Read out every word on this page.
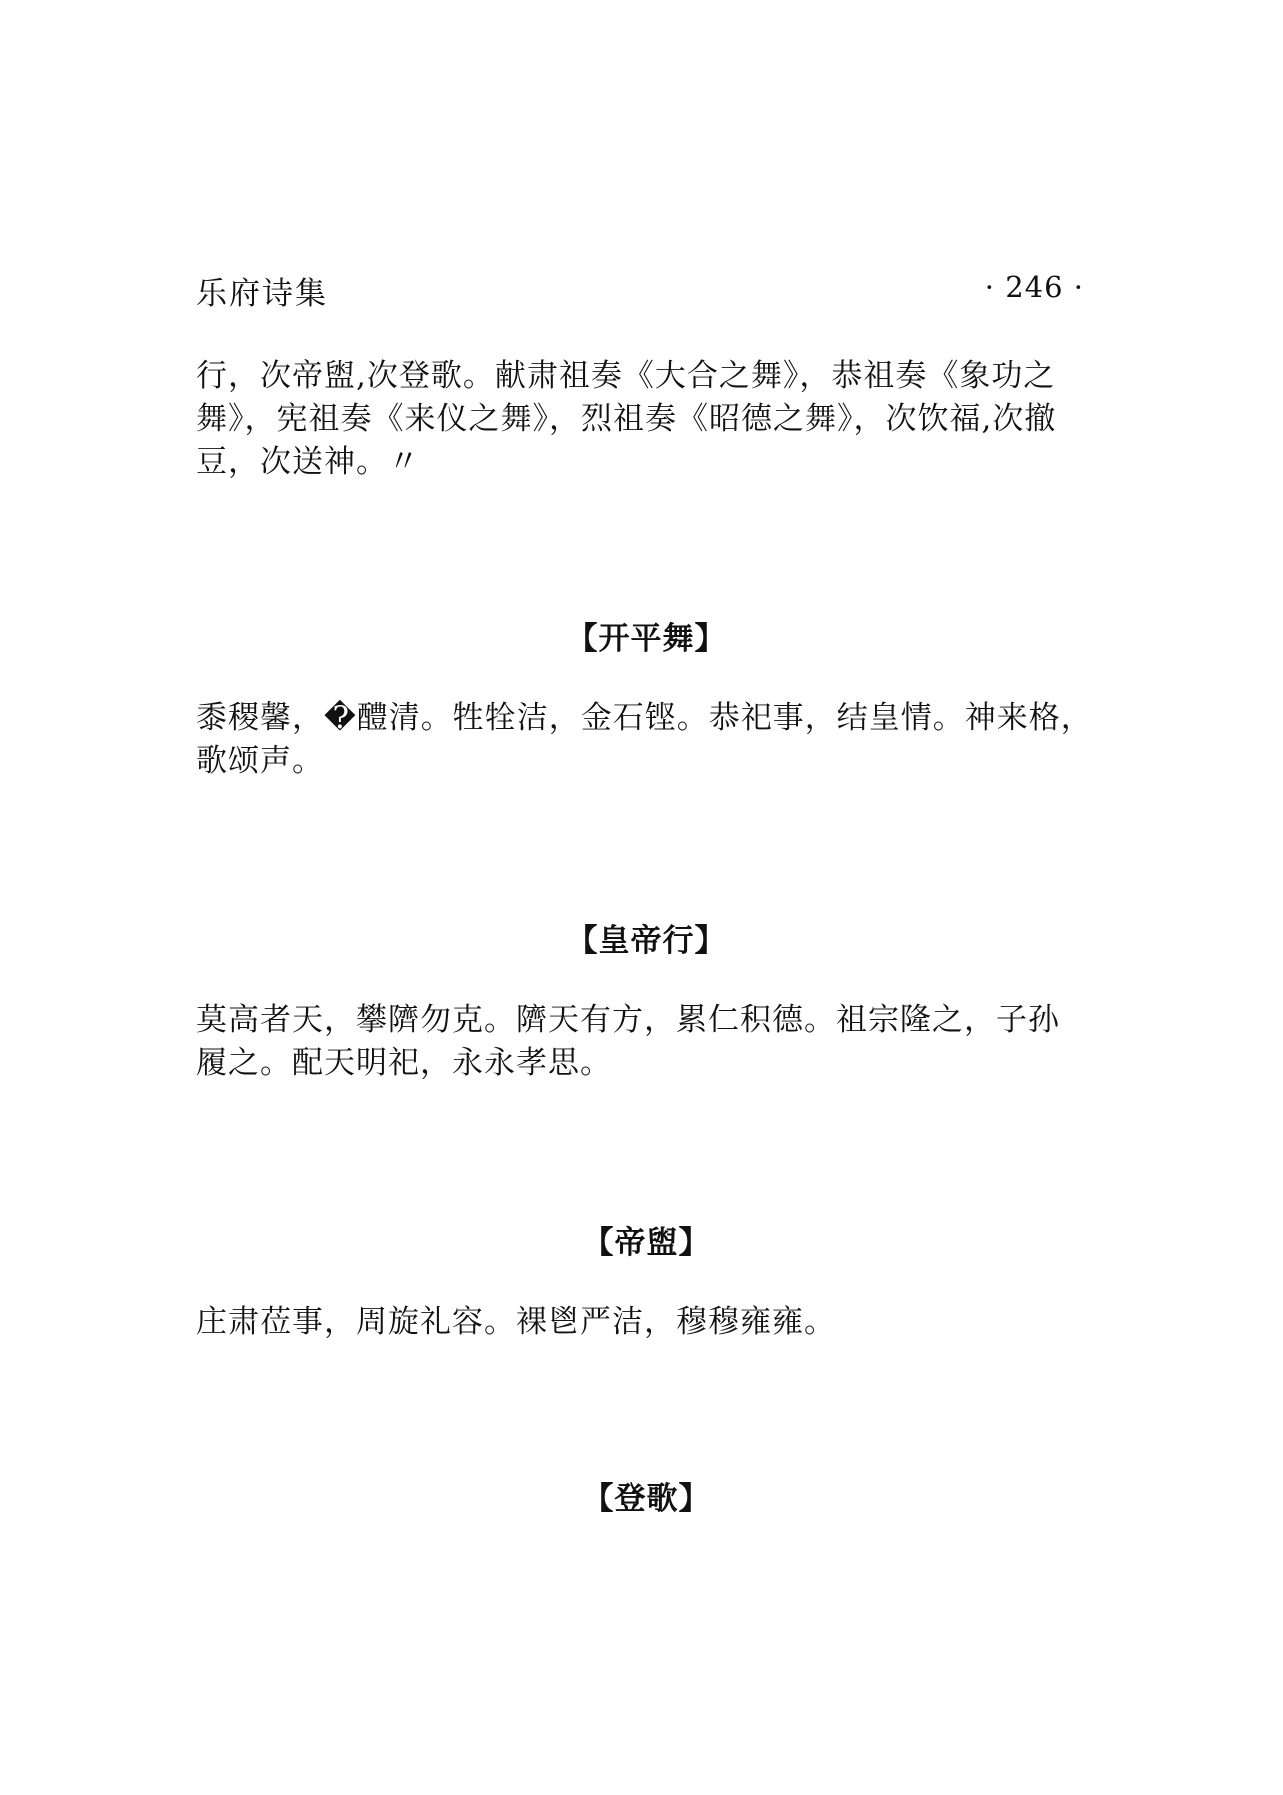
乐府诗集	· 246 ·

行，次帝盥,次登歌。献肃祖奏《大合之舞》，恭祖奏《象功之
舞》，宪祖奏《来仪之舞》，烈祖奏《昭德之舞》，次饮福,次撤
豆，次送神。〃

【开平舞】

黍稷馨，�醴清。牲牷洁，金石铿。恭祀事，结皇情。神来格，
歌颂声。

【皇帝行】

莫高者天，攀隮勿克。隮天有方，累仁积德。祖宗隆之，子孙
履之。配天明祀，永永孝思。

【帝盥】

庄肃莅事，周旋礼容。裸鬯严洁，穆穆雍雍。

【登歌】
